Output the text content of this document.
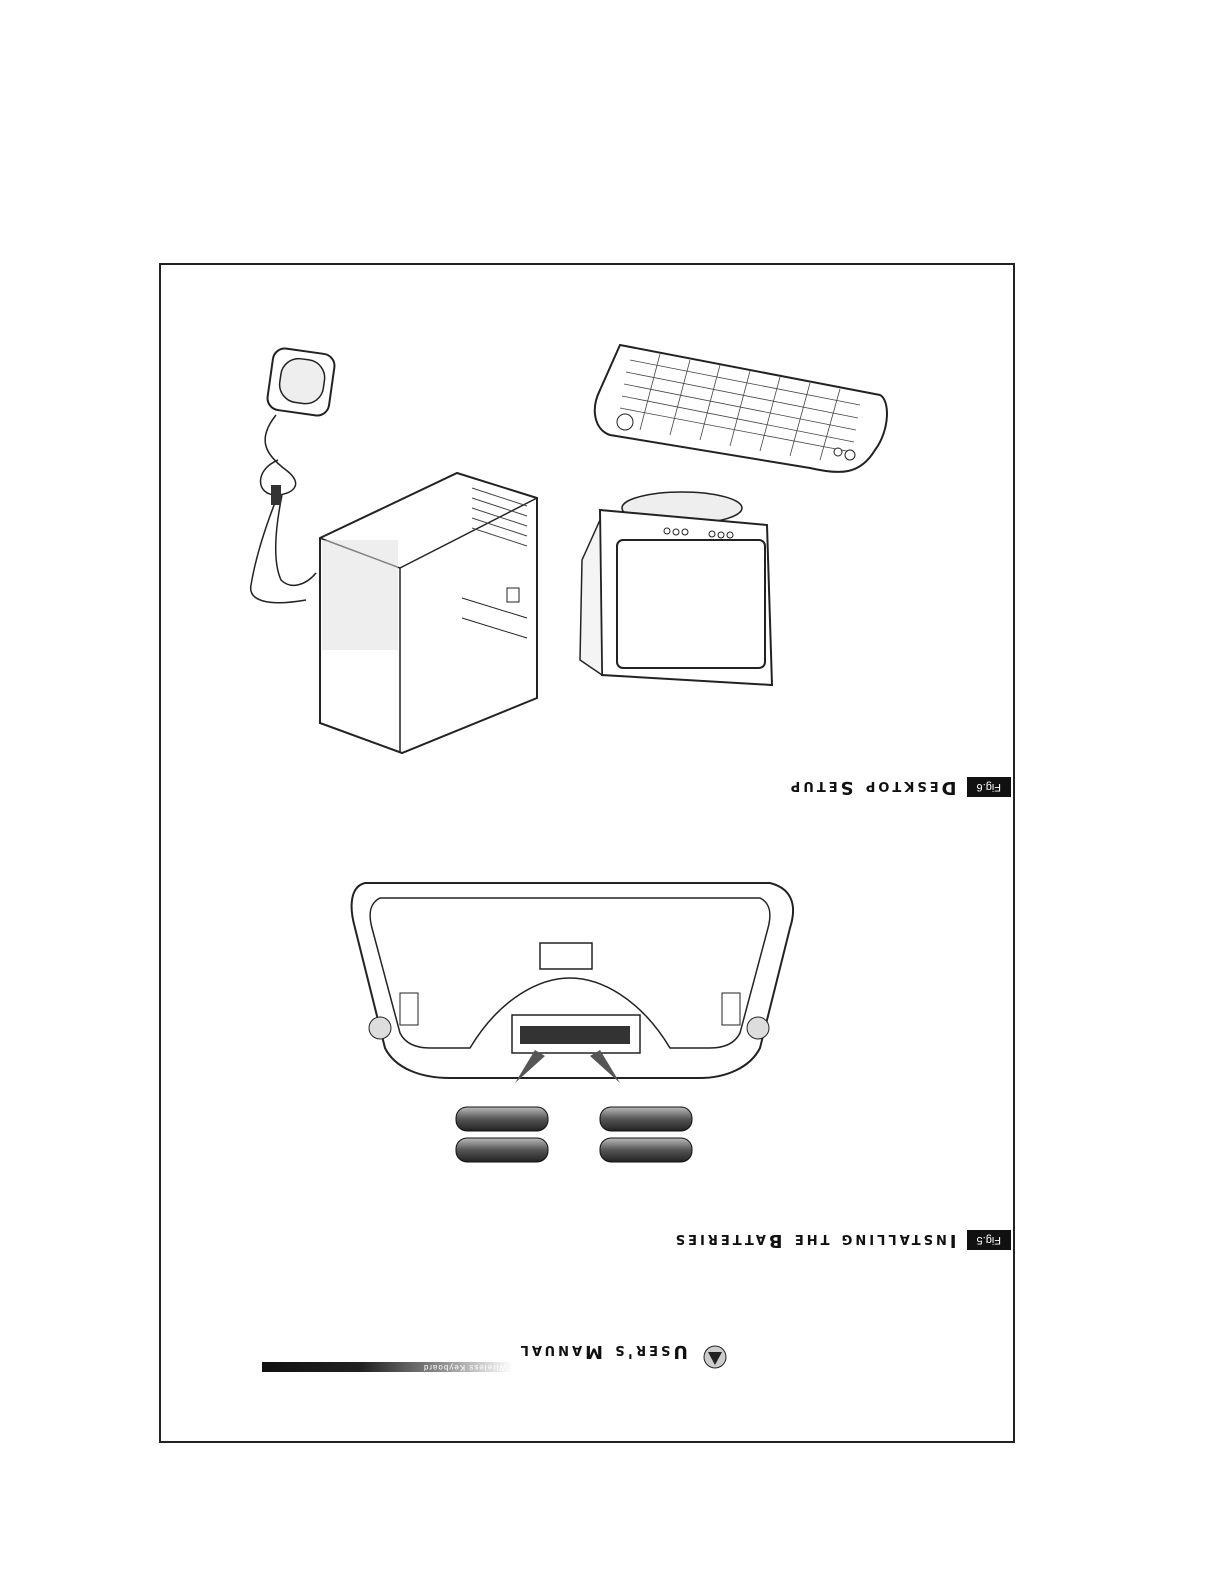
Fig.6
Desktop Setup
Fig.5
Installing the Batteries
Wireless Keyboard
User's Manual
